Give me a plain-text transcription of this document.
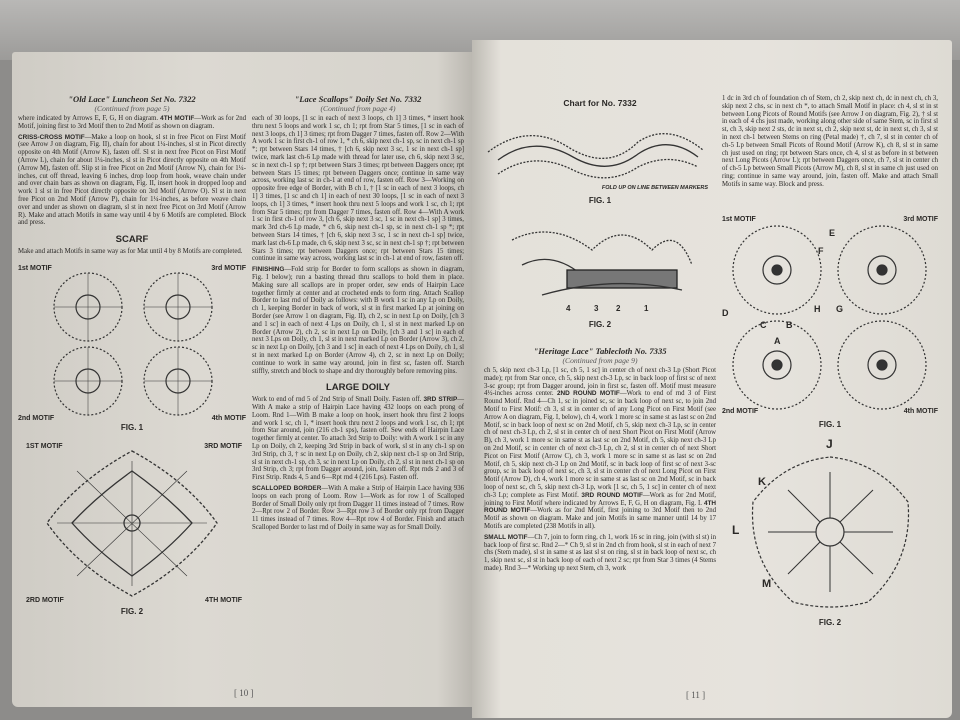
"Old Lace" Luncheon Set No. 7322
(Continued from page 5)

where indicated by Arrows E, F, G, H on diagram. 4TH MOTIF—Work as for 2nd Motif, joining first to 3rd Motif then to 2nd Motif as shown on diagram.

CRISS-CROSS MOTIF—Make a loop on hook, sl st in free Picot on First Motif (see Arrow J on diagram, Fig. II), chain for about 1¼-inches, sl st in Picot directly opposite on 4th Motif (Arrow K), fasten off. Sl st in next free Picot on First Motif (Arrow L), chain for about 1¼-inches, sl st in Picot directly opposite on 4th Motif (Arrow M), fasten off. Slip st in free Picot on 2nd Motif (Arrow N), chain for 1¼-inches, cut off thread, leaving 6 inches, drop loop from hook, weave chain under and over chain bars as shown on diagram, Fig. II, insert hook in dropped loop and work 1 sl st in free Picot directly opposite on 3rd Motif (Arrow O). Sl st in next free Picot on 2nd Motif (Arrow P), chain for 1¼-inches, as before weave chain over and under as shown on diagram, sl st in next free Picot on 3rd Motif (Arrow R). Make and attach Motifs in same way until 4 by 6 Motifs are completed. Block and press.

SCARF

Make and attach Motifs in same way as for Mat until 4 by 8 Motifs are completed.

1st MOTIF	3rd MOTIF
2nd MOTIF	4th MOTIF
FIG. 1
1ST MOTIF	3RD MOTIF
2RD MOTIF	4TH MOTIF
FIG. 2
"Lace Scallops" Doily Set No. 7332
(Continued from page 4)

each of 30 loops, [1 sc in each of next 3 loops, ch 1] 3 times, * insert hook thru next 5 loops and work 1 sc, ch 1; rpt from Star 5 times, [1 sc in each of next 3 loops, ch 1] 3 times; rpt from Dagger 7 times, fasten off. Row 2—With A work 1 sc in first ch-1 of row 1, * ch 6, skip next ch-1 sp, sc in next ch-1 sp *; rpt between Stars 14 times, † [ch 6, skip next 3 sc, 1 sc in next ch-1 sp] twice, mark last ch-6 Lp made with thread for later use, ch 6, skip next 3 sc, sc in next ch-1 sp †; rpt between Stars 3 times; rpt between Daggers once; rpt between Stars 15 times; rpt between Daggers once; continue in same way across, working last sc in ch-1 at end of row, fasten off. Row 3—Working on opposite free edge of Border, with B ch 1, † [1 sc in each of next 3 loops, ch 1] 3 times, [1 sc and ch 1] in each of next 30 loops, [1 sc in each of next 3 loops, ch 1] 3 times, * insert hook thru next 5 loops and work 1 sc, ch 1; rpt from Star 5 times; rpt from Dagger 7 times, fasten off. Row 4—With A work 1 sc in first ch-1 of row 3, [ch 6, skip next 3 sc, 1 sc in next ch-1 sp] 3 times, mark 3rd ch-6 Lp made, * ch 6, skip next ch-1 sp, sc in next ch-1 sp *; rpt between Stars 14 times, † [ch 6, skip next 3 sc, 1 sc in next ch-1 sp] twice, mark last ch-6 Lp made, ch 6, skip next 3 sc, sc in next ch-1 sp †; rpt between Stars 3 times; rpt between Daggers once; rpt between Stars 15 times; continue in same way across, working last sc in ch-1 at end of row, fasten off.

FINISHING—Fold strip for Border to form scallops as shown in diagram, Fig. I below); run a basting thread thru scallops to hold them in place. Making sure all scallops are in proper order, sew ends of Hairpin Lace together firmly at center and at crocheted ends to form ring. Attach Scallop Border to last rnd of Doily as follows: with B work 1 sc in any Lp on Doily, ch 1, keeping Border in back of work, sl st in first marked Lp at joining on Border (see Arrow 1 on diagram, Fig. II), ch 2, sc in next Lp on Doily, [ch 3 and 1 sc] in each of next 4 Lps on Doily, ch 1, sl st in next marked Lp on Border (Arrow 2), ch 2, sc in next Lp on Doily, [ch 3 and 1 sc] in each of next 3 Lps on Doily, ch 1, sl st in next marked Lp on Border (Arrow 3), ch 2, sc in next Lp on Doily, [ch 3 and 1 sc] in each of next 4 Lps on Doily, ch 1, sl st in next marked Lp on Border (Arrow 4), ch 2, sc in next Lp on Doily; continue to work in same way around, join in first sc, fasten off. Starch stiffly, stretch and block to shape and dry thoroughly before removing pins.

LARGE DOILY

Work to end of rnd 5 of 2nd Strip of Small Doily. Fasten off. 3RD STRIP—With A make a strip of Hairpin Lace having 432 loops on each prong of Loom. Rnd 1—With B make a loop on hook, insert hook thru first 2 loops and work 1 sc, ch 1, * insert hook thru next 2 loops and work 1 sc, ch 1; rpt from Star around, join (216 ch-1 sps), fasten off. Sew ends of Hairpin Lace together firmly at center. To attach 3rd Strip to Doily: with A work 1 sc in any Lp on Doily, ch 2, keeping 3rd Strip in back of work, sl st in any ch-1 sp on 3rd Strip, ch 3, † sc in next Lp on Doily, ch 2, skip next ch-1 sp on 3rd Strip, sl st in next ch-1 sp, ch 3, sc in next Lp on Doily, ch 2, sl st in next ch-1 sp on 3rd Strip, ch 3; rpt from Dagger around, join, fasten off. Rpt rnds 2 and 3 of First Strip. Rnds 4, 5 and 6—Rpt rnd 4 (216 Lps). Fasten off.

SCALLOPED BORDER—With A make a Strip of Hairpin Lace having 936 loops on each prong of Loom. Row 1—Work as for row 1 of Scalloped Border of Small Doily only rpt from Dagger 11 times instead of 7 times. Row 2—Rpt row 2 of Border. Row 3—Rpt row 3 of Border only rpt from Dagger 11 times instead of 7 times. Row 4—Rpt row 4 of Border. Finish and attach Scalloped Border to last rnd of Doily in same way as for Small Doily.

[ 10 ]
Chart for No. 7332
FOLD UP ON LINE BETWEEN MARKERS
FIG. 1
4	3 2	1
FIG. 2
"Heritage Lace" Tablecloth No. 7335
(Continued from page 9)

ch 5, skip next ch-3 Lp, [1 sc, ch 5, 1 sc] in center ch of next ch-3 Lp (Short Picot made); rpt from Star once, ch 5, skip next ch-3 Lp, sc in back loop of first sc of next 3-sc group; rpt from Dagger around, join in first sc, fasten off. Motif must measure 4½-inches across center. 2ND ROUND MOTIF—Work to end of rnd 3 of First Round Motif. Rnd 4—Ch 1, sc in joined sc, sc in back loop of next sc, to join 2nd Motif to First Motif: ch 3, sl st in center ch of any Long Picot on First Motif (see Arrow A on diagram, Fig. I, below), ch 4, work 1 more sc in same st as last sc on 2nd Motif, sc in back loop of next sc on 2nd Motif, ch 5, skip next ch-3 Lp, sc in center ch of next ch-3 Lp, ch 2, sl st in center ch of next Short Picot on First Motif (Arrow B), ch 3, work 1 more sc in same st as last sc on 2nd Motif, ch 5, skip next ch-3 Lp on 2nd Motif, sc in center ch of next ch-3 Lp, ch 2, sl st in center ch of next Short Picot on First Motif (Arrow C), ch 3, work 1 more sc in same st as last sc on 2nd Motif, ch 5, skip next ch-3 Lp on 2nd Motif, sc in back loop of first sc of next 3-sc group, sc in back loop of next sc, ch 3, sl st in center ch of next Long Picot on First Motif (Arrow D), ch 4, work 1 more sc in same st as last sc on 2nd Motif, sc in back loop of next sc, ch 5, skip next ch-3 Lp, work [1 sc, ch 5, 1 sc] in center ch of next ch-3 Lp; complete as First Motif. 3RD ROUND MOTIF—Work as for 2nd Motif, joining to First Motif where indicated by Arrows E, F, G, H on diagram, Fig. I. 4TH ROUND MOTIF—Work as for 2nd Motif, first joining to 3rd Motif then to 2nd Motif as shown on diagram. Make and join Motifs in same manner until 14 by 17 Motifs are completed (238 Motifs in all).

SMALL MOTIF—Ch 7, join to form ring, ch 1, work 16 sc in ring, join (with sl st) in back loop of first sc. Rnd 2—* Ch 9, sl st in 2nd ch from hook, sl st in each of next 7 chs (Stem made), sl st in same st as last sl st on ring, sl st in back loop of next sc, ch 1, skip next sc, sl st in back loop of each of next 2 sc; rpt from Star 3 times (4 Stems made). Rnd 3—* Working up next Stem, ch 3, work

1 dc in 3rd ch of foundation ch of Stem, ch 2, skip next ch, dc in next ch, ch 3, skip next 2 chs, sc in next ch *, to attach Small Motif in place: ch 4, sl st in st between Long Picots of Round Motifs (see Arrow J on diagram, Fig. 2), † sl st in each of 4 chs just made, working along other side of same Stem, sc in first sl st, ch 3, skip next 2 sts, dc in next st, ch 2, skip next st, dc in next st, ch 3, sl st in next ch-1 between Stems on ring (Petal made) †, ch 7, sl st in center ch of ch-5 Lp between Small Picots of Round Motif (Arrow K), ch 8, sl st in same ch just used on ring; rpt between Stars once, ch 4, sl st as before in st between next Long Picots (Arrow L); rpt between Daggers once, ch 7, sl st in center ch of ch-5 Lp between Small Picots (Arrow M), ch 8, sl st in same ch just used on ring; continue in same way around, join, fasten off. Make and attach Small Motifs in same way. Block and press.

1st MOTIF	3rd MOTIF
2nd MOTIF	4th MOTIF
D
C B
A
E
F
G
H
FIG. 1
J
K
L
M
FIG. 2
[ 11 ]
